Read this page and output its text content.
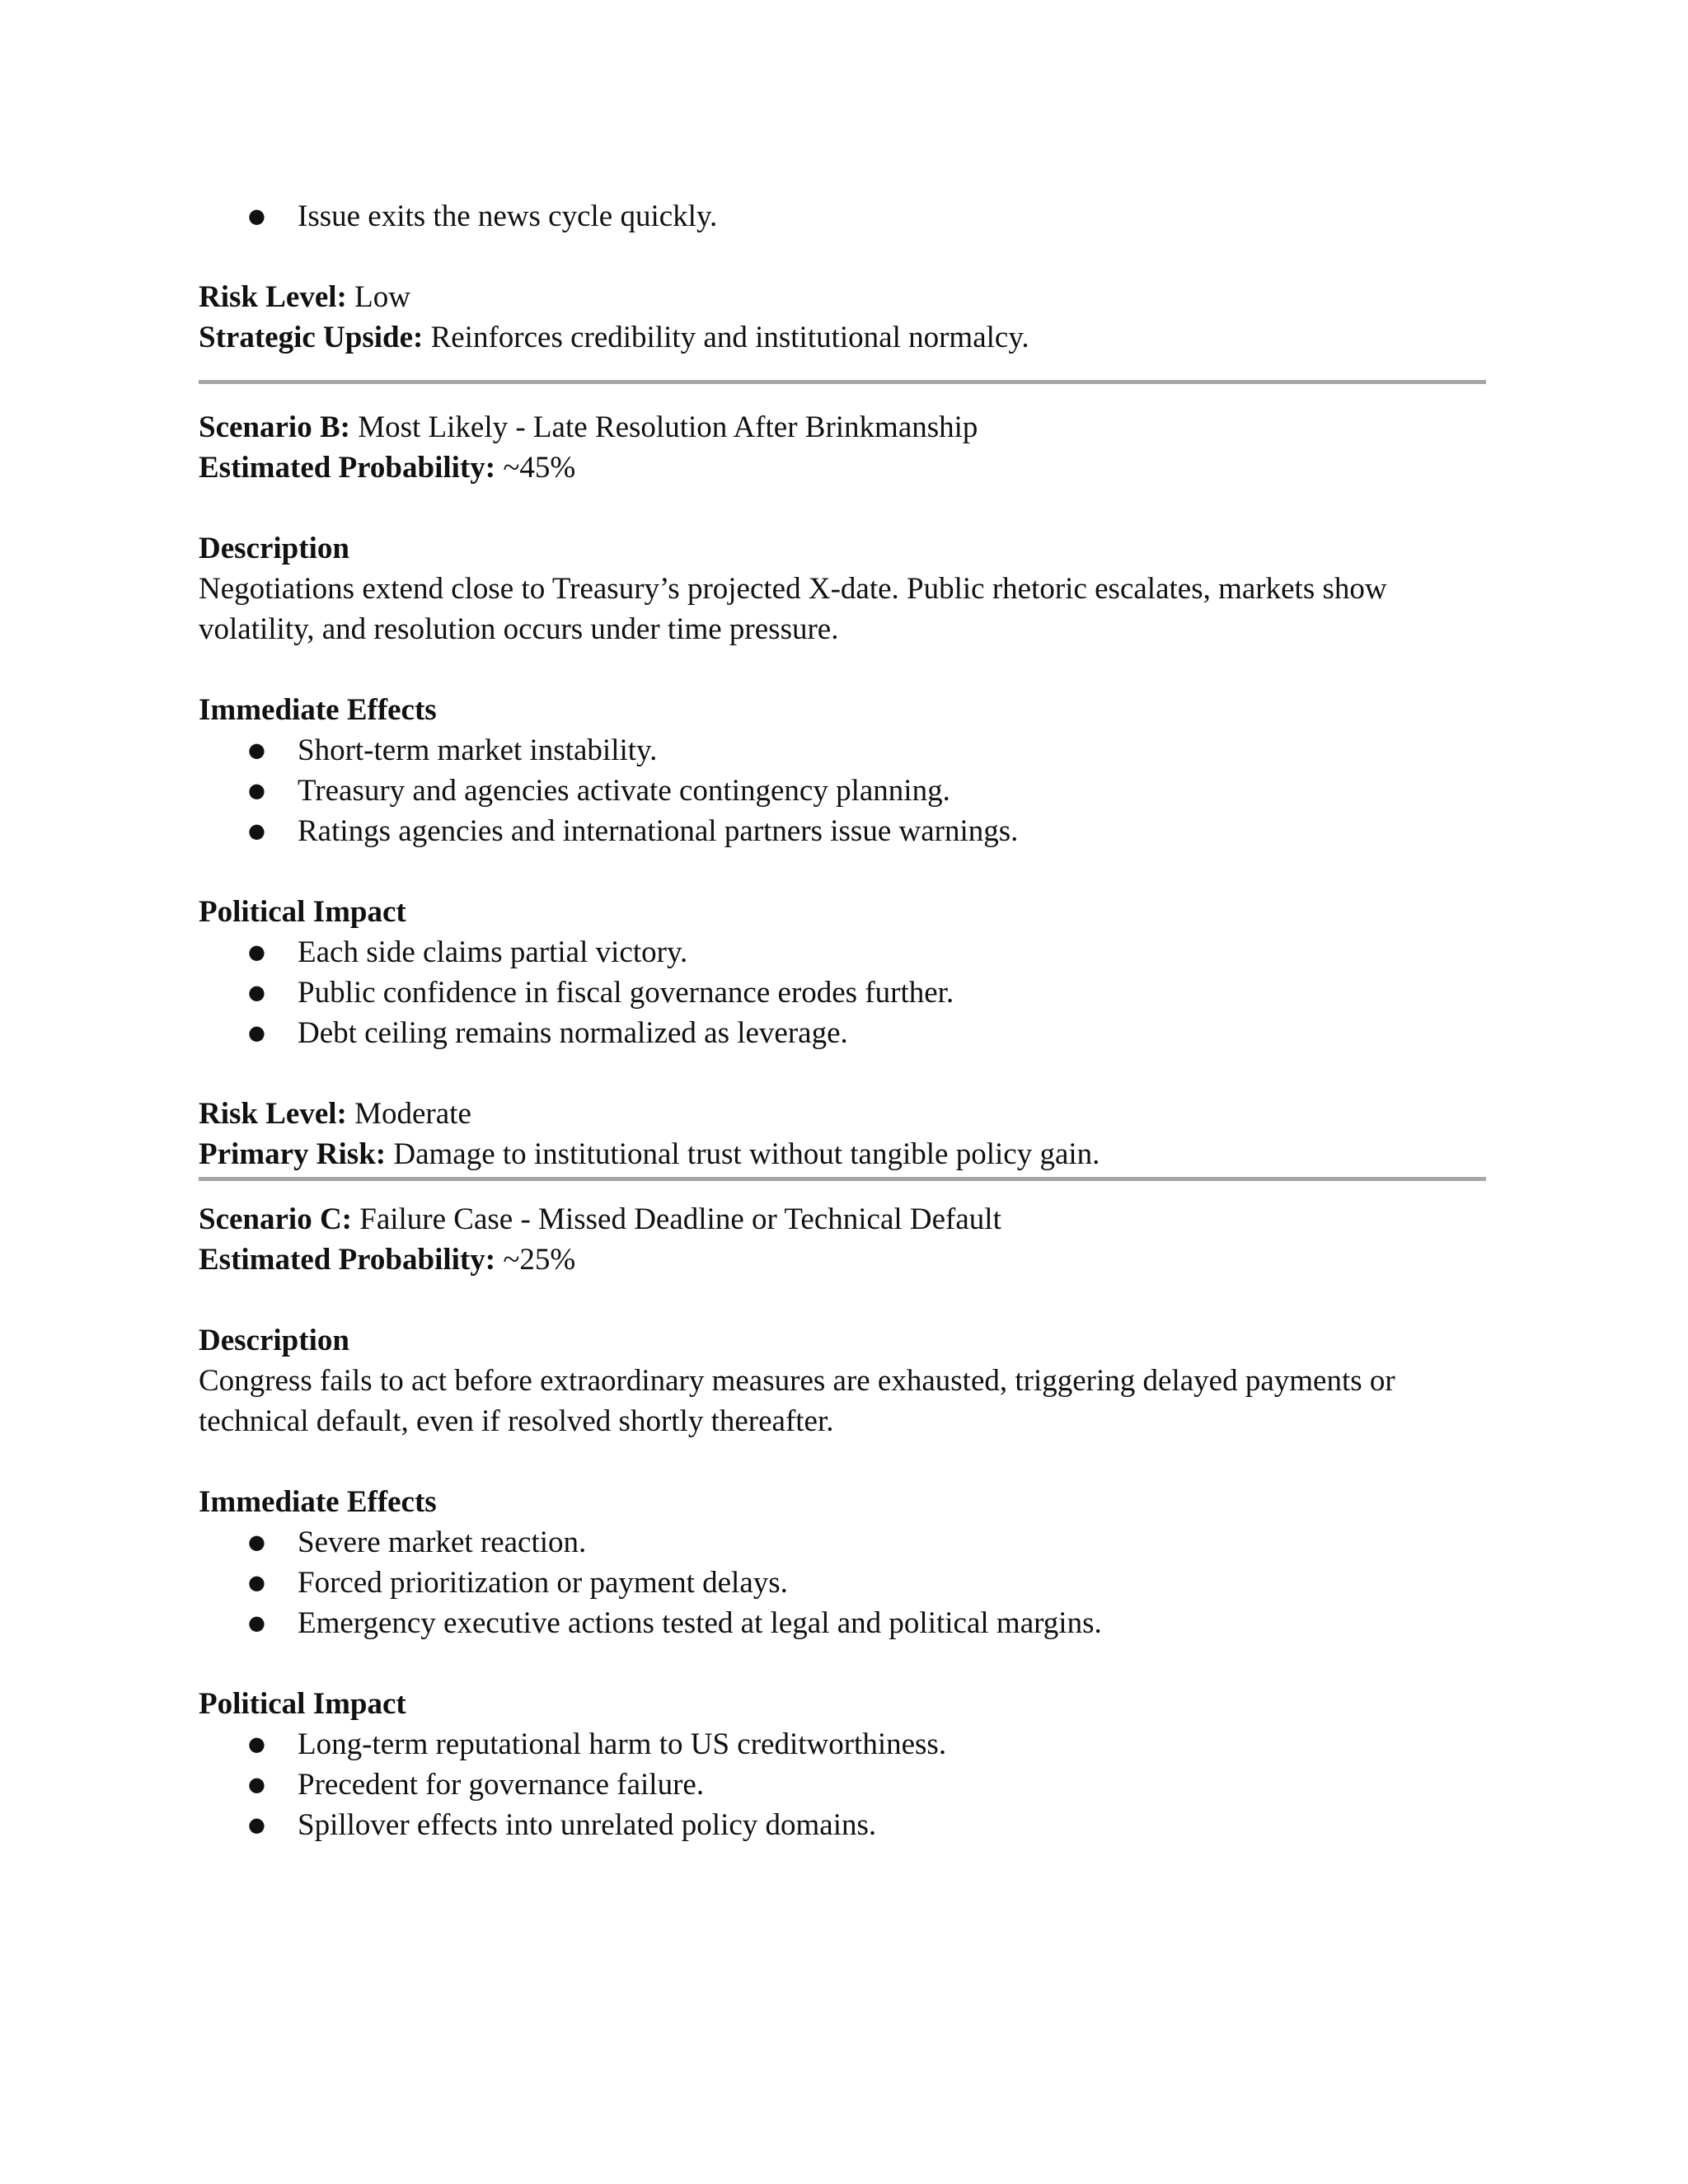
● Issue exits the news cycle quickly.

Risk Level: Low

Strategic Upside: Reinforces credibility and institutional normalcy.

Scenario B: Most Likely - Late Resolution After Brinkmanship

Estimated Probability: ~45%

Description

Negotiations extend close to Treasury’s projected X-date. Public rhetoric escalates, markets show volatility, and resolution occurs under time pressure.

Immediate Effects

● Short-term market instability.
● Treasury and agencies activate contingency planning.
● Ratings agencies and international partners issue warnings.

Political Impact

● Each side claims partial victory.
● Public confidence in fiscal governance erodes further.
● Debt ceiling remains normalized as leverage.

Risk Level: Moderate

Primary Risk: Damage to institutional trust without tangible policy gain.

Scenario C: Failure Case - Missed Deadline or Technical Default

Estimated Probability: ~25%

Description

Congress fails to act before extraordinary measures are exhausted, triggering delayed payments or technical default, even if resolved shortly thereafter.

Immediate Effects

● Severe market reaction.
● Forced prioritization or payment delays.
● Emergency executive actions tested at legal and political margins.

Political Impact

● Long-term reputational harm to US creditworthiness.
● Precedent for governance failure.
● Spillover effects into unrelated policy domains.
